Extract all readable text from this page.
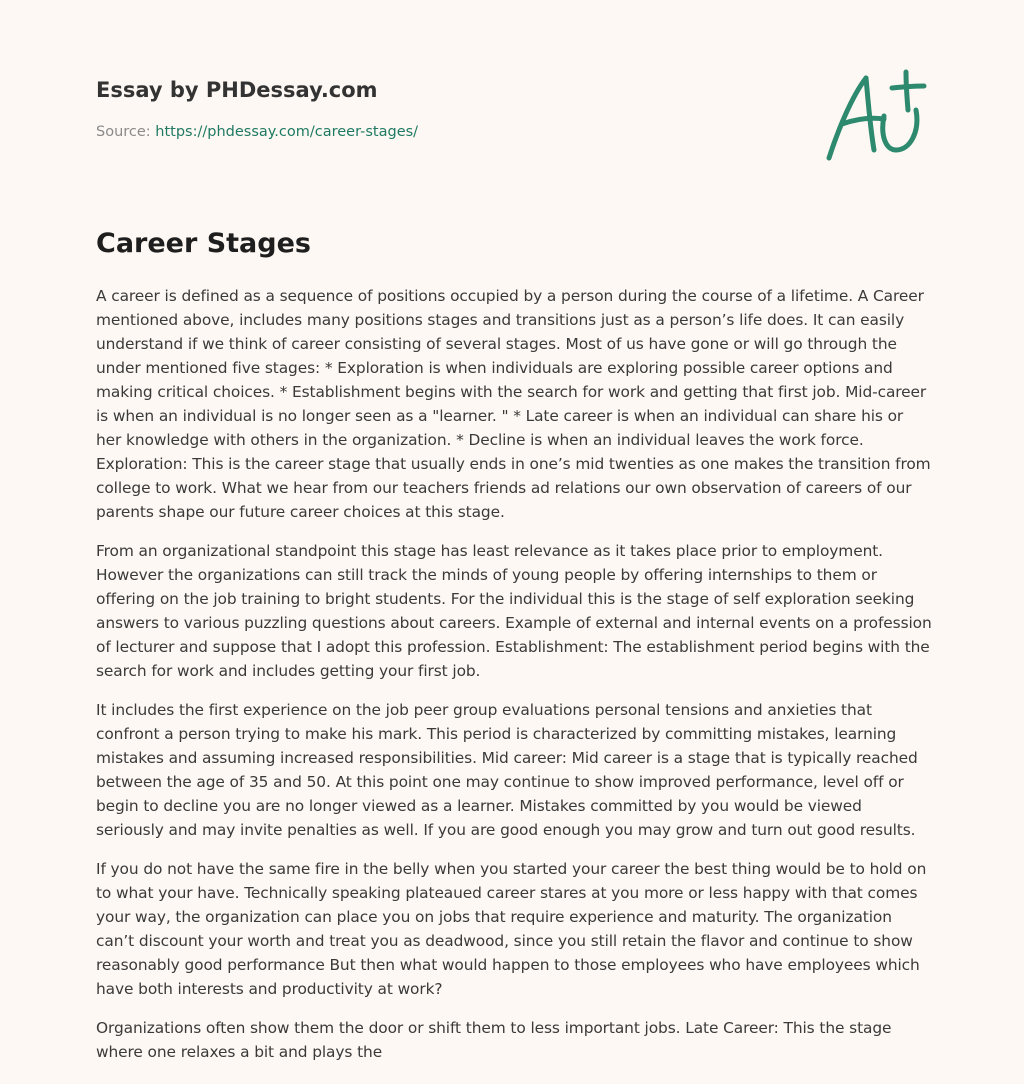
Essay by PHDessay.com
Source: https://phdessay.com/career-stages/
Career Stages

A career is defined as a sequence of positions occupied by a person during the course of a lifetime. A Career mentioned above, includes many positions stages and transitions just as a person’s life does. It can easily understand if we think of career consisting of several stages. Most of us have gone or will go through the under mentioned five stages: * Exploration is when individuals are exploring possible career options and making critical choices. * Establishment begins with the search for work and getting that first job. Mid-career is when an individual is no longer seen as a "learner. " * Late career is when an individual can share his or her knowledge with others in the organization. * Decline is when an individual leaves the work force. Exploration: This is the career stage that usually ends in one’s mid twenties as one makes the transition from college to work. What we hear from our teachers friends ad relations our own observation of careers of our parents shape our future career choices at this stage.

From an organizational standpoint this stage has least relevance as it takes place prior to employment. However the organizations can still track the minds of young people by offering internships to them or offering on the job training to bright students. For the individual this is the stage of self exploration seeking answers to various puzzling questions about careers. Example of external and internal events on a profession of lecturer and suppose that I adopt this profession. Establishment: The establishment period begins with the search for work and includes getting your first job.

It includes the first experience on the job peer group evaluations personal tensions and anxieties that confront a person trying to make his mark. This period is characterized by committing mistakes, learning mistakes and assuming increased responsibilities. Mid career: Mid career is a stage that is typically reached between the age of 35 and 50. At this point one may continue to show improved performance, level off or begin to decline you are no longer viewed as a learner. Mistakes committed by you would be viewed seriously and may invite penalties as well. If you are good enough you may grow and turn out good results.

If you do not have the same fire in the belly when you started your career the best thing would be to hold on to what your have. Technically speaking plateaued career stares at you more or less happy with that comes your way, the organization can place you on jobs that require experience and maturity. The organization can’t discount your worth and treat you as deadwood, since you still retain the flavor and continue to show reasonably good performance But then what would happen to those employees who have employees which have both interests and productivity at work?

Organizations often show them the door or shift them to less important jobs. Late Career: This the stage where one relaxes a bit and plays the
